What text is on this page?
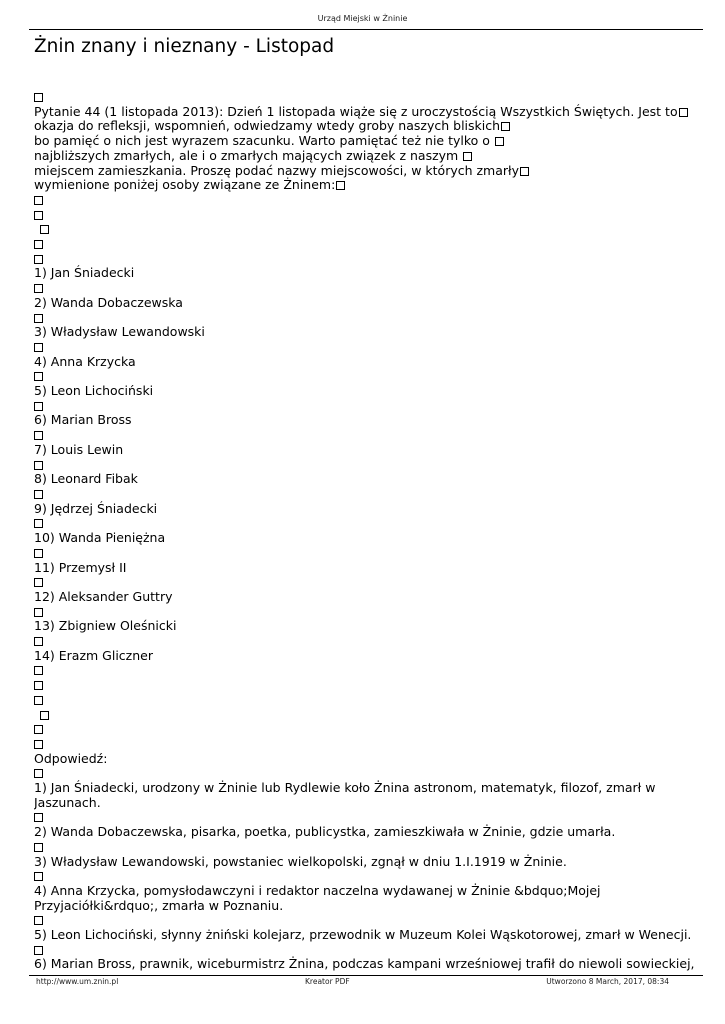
Urząd Miejski w Żninie
Żnin znany i nieznany - Listopad
Pytanie 44 (1 listopada 2013): Dzień 1 listopada wiąże się z uroczystością Wszystkich Świętych. Jest to
okazja do refleksji, wspomnień, odwiedzamy wtedy groby naszych bliskich
bo pamięć o nich jest wyrazem szacunku. Warto pamiętać też nie tylko o
najbliższych zmarłych, ale i o zmarłych mających związek z naszym
miejscem zamieszkania. Proszę podać nazwy miejscowości, w których zmarły
wymienione poniżej osoby związane ze Żninem:
1) Jan Śniadecki
2) Wanda Dobaczewska
3) Władysław Lewandowski
4) Anna Krzycka
5) Leon Lichociński
6) Marian Bross
7) Louis Lewin
8) Leonard Fibak
9) Jędrzej Śniadecki
10) Wanda Pieniężna
11) Przemysł II
12) Aleksander Guttry
13) Zbigniew Oleśnicki
14) Erazm Gliczner
Odpowiedź:
1) Jan Śniadecki, urodzony w Żninie lub Rydlewie koło Żnina astronom, matematyk, filozof, zmarł w Jaszunach.
2) Wanda Dobaczewska, pisarka, poetka, publicystka, zamieszkiwała w Żninie, gdzie umarła.
3) Władysław Lewandowski, powstaniec wielkopolski, zgnął w dniu 1.I.1919 w Żninie.
4) Anna Krzycka, pomysłodawczyni i redaktor naczelna wydawanej w Żninie &bdquo;Mojej Przyjaciółki&rdquo;, zmarła w Poznaniu.
5) Leon Lichociński, słynny żniński kolejarz, przewodnik w Muzeum Kolei Wąskotorowej, zmarł w Wenecji.
6) Marian Bross, prawnik, wiceburmistrz Żnina, podczas kampani wrześniowej trafił do niewoli sowieckiej,
http://www.um.znin.pl	Kreator PDF	Utworzono 8 March, 2017, 08:34
